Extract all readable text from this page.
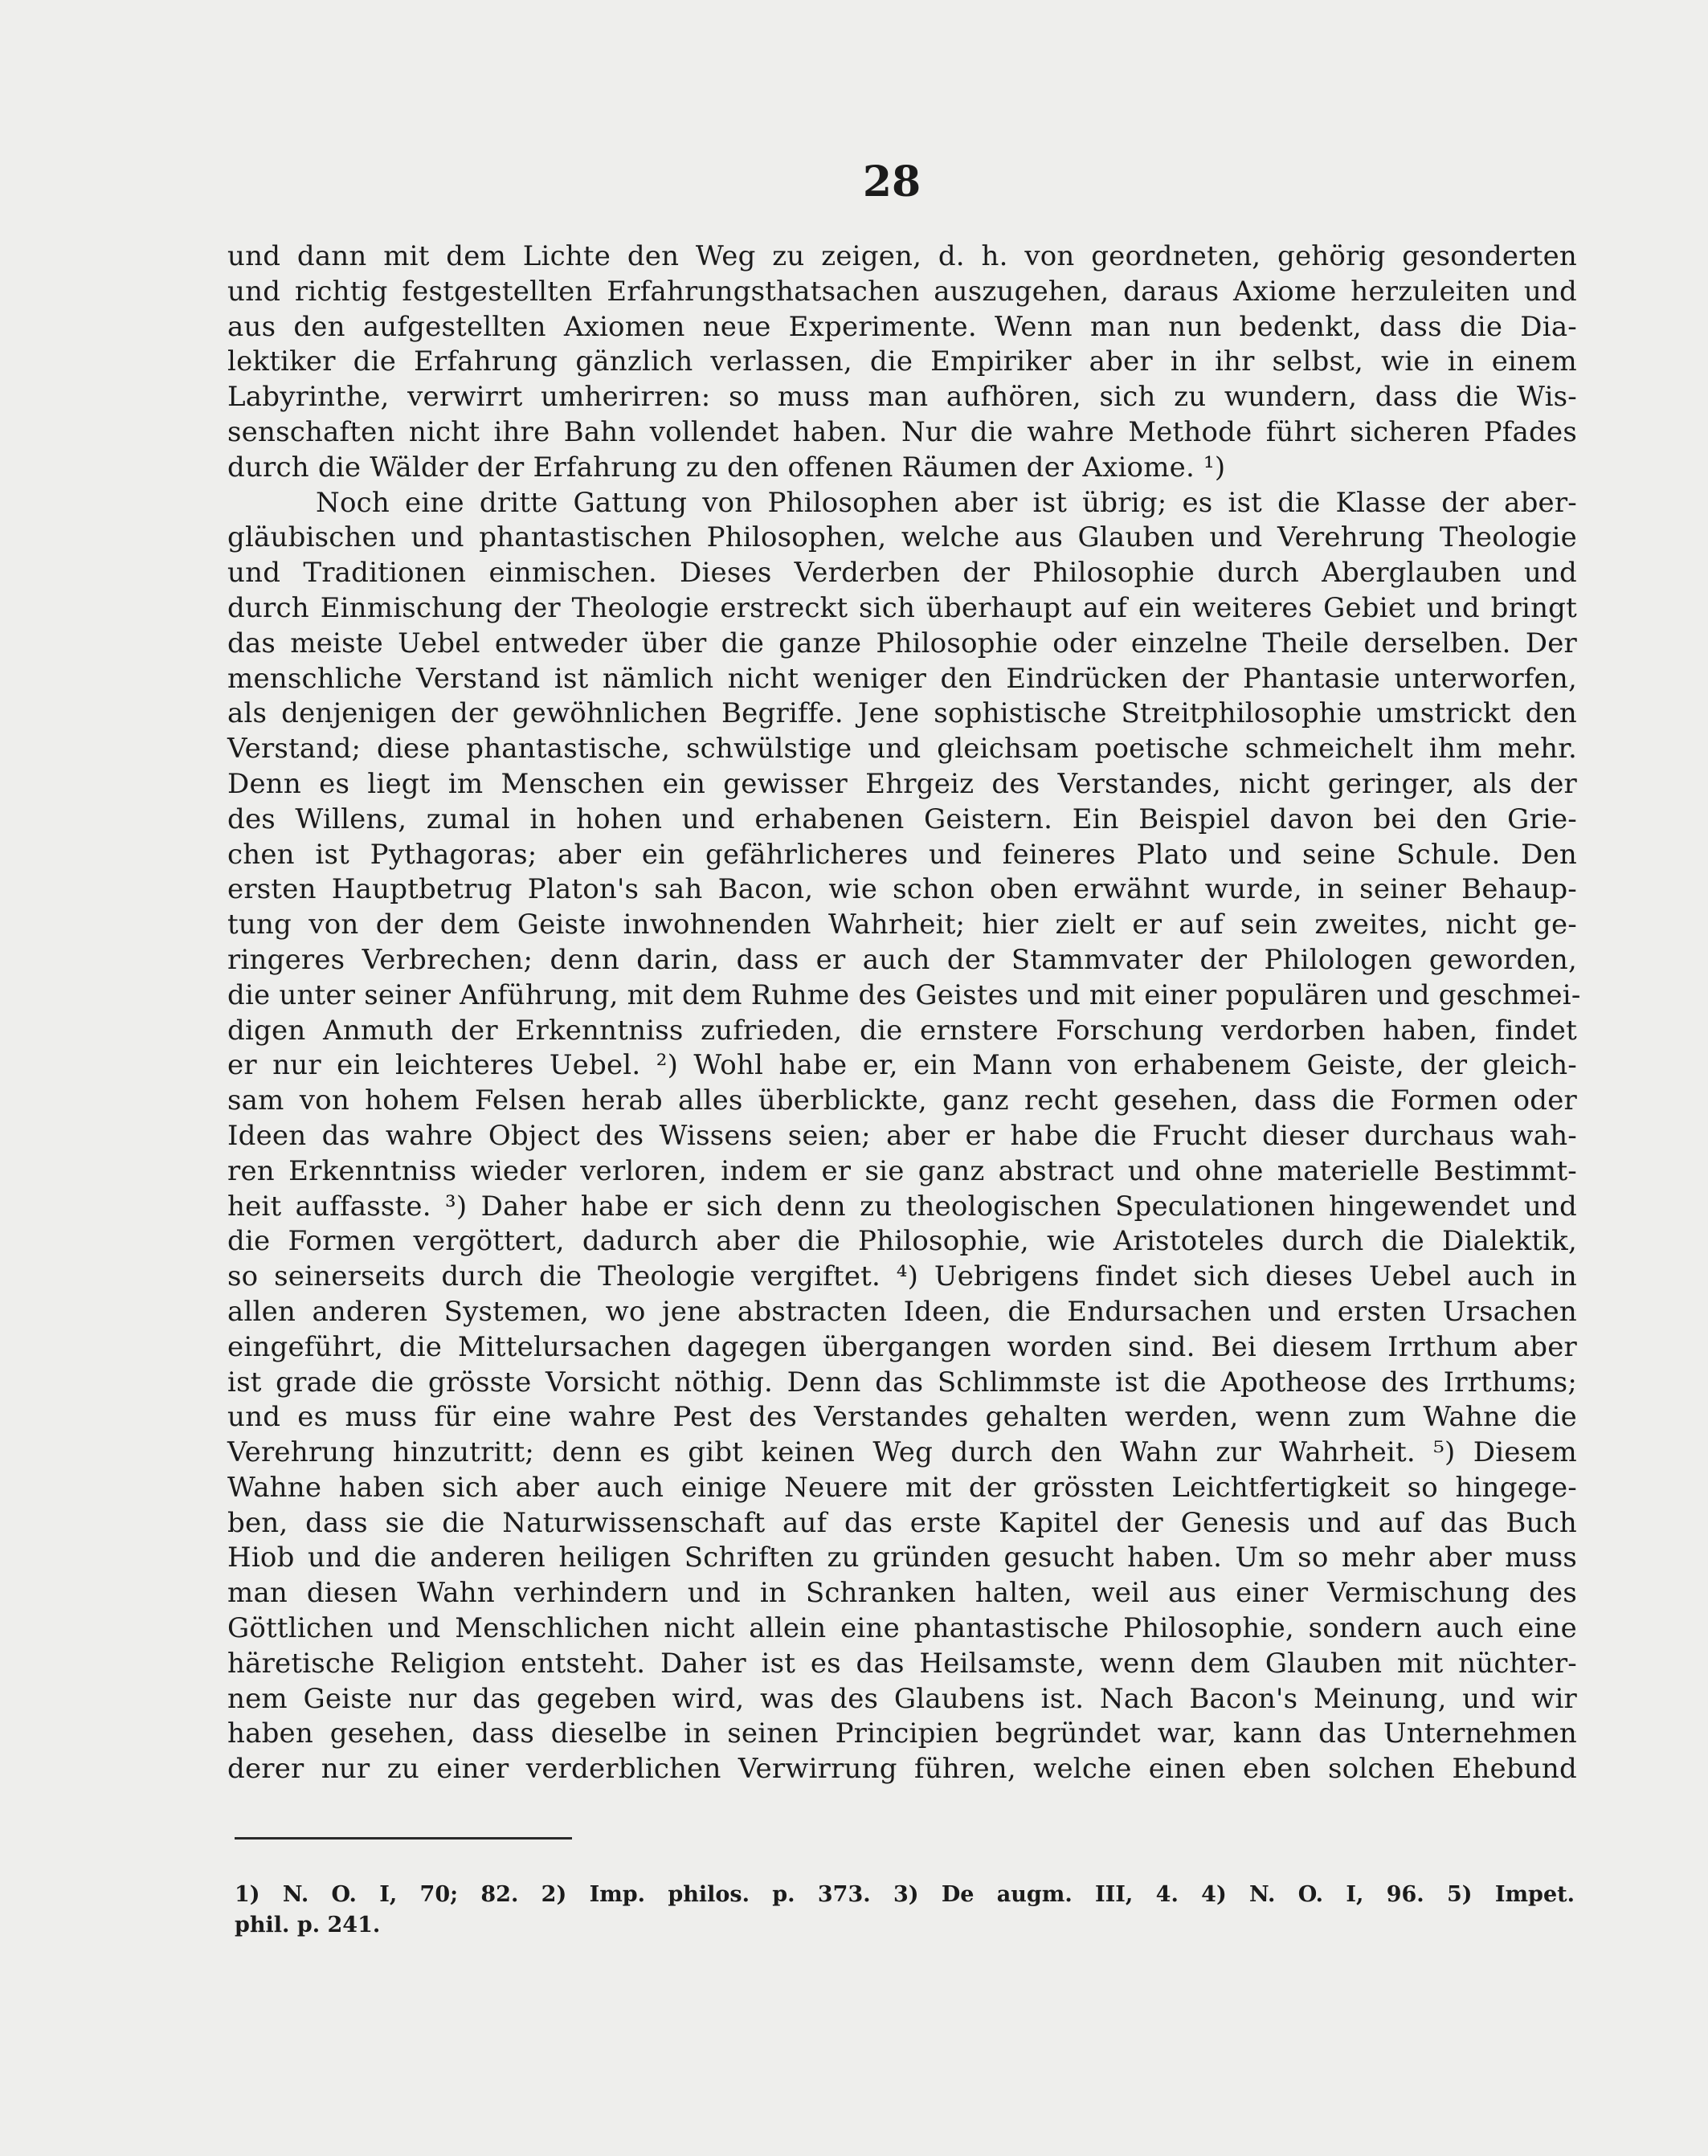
28
und dann mit dem Lichte den Weg zu zeigen, d. h. von geordneten, gehörig gesonderten
und richtig festgestellten Erfahrungsthatsachen auszugehen, daraus Axiome herzuleiten und
aus den aufgestellten Axiomen neue Experimente. Wenn man nun bedenkt, dass die Dia-
lektiker die Erfahrung gänzlich verlassen, die Empiriker aber in ihr selbst, wie in einem
Labyrinthe, verwirrt umherirren: so muss man aufhören, sich zu wundern, dass die Wis-
senschaften nicht ihre Bahn vollendet haben. Nur die wahre Methode führt sicheren Pfades
durch die Wälder der Erfahrung zu den offenen Räumen der Axiome. ¹)
Noch eine dritte Gattung von Philosophen aber ist übrig; es ist die Klasse der aber-
gläubischen und phantastischen Philosophen, welche aus Glauben und Verehrung Theologie
und Traditionen einmischen. Dieses Verderben der Philosophie durch Aberglauben und
durch Einmischung der Theologie erstreckt sich überhaupt auf ein weiteres Gebiet und bringt
das meiste Uebel entweder über die ganze Philosophie oder einzelne Theile derselben. Der
menschliche Verstand ist nämlich nicht weniger den Eindrücken der Phantasie unterworfen,
als denjenigen der gewöhnlichen Begriffe. Jene sophistische Streitphilosophie umstrickt den
Verstand; diese phantastische, schwülstige und gleichsam poetische schmeichelt ihm mehr.
Denn es liegt im Menschen ein gewisser Ehrgeiz des Verstandes, nicht geringer, als der
des Willens, zumal in hohen und erhabenen Geistern. Ein Beispiel davon bei den Grie-
chen ist Pythagoras; aber ein gefährlicheres und feineres Plato und seine Schule. Den
ersten Hauptbetrug Platon's sah Bacon, wie schon oben erwähnt wurde, in seiner Behaup-
tung von der dem Geiste inwohnenden Wahrheit; hier zielt er auf sein zweites, nicht ge-
ringeres Verbrechen; denn darin, dass er auch der Stammvater der Philologen geworden,
die unter seiner Anführung, mit dem Ruhme des Geistes und mit einer populären und geschmei-
digen Anmuth der Erkenntniss zufrieden, die ernstere Forschung verdorben haben, findet
er nur ein leichteres Uebel. ²) Wohl habe er, ein Mann von erhabenem Geiste, der gleich-
sam von hohem Felsen herab alles überblickte, ganz recht gesehen, dass die Formen oder
Ideen das wahre Object des Wissens seien; aber er habe die Frucht dieser durchaus wah-
ren Erkenntniss wieder verloren, indem er sie ganz abstract und ohne materielle Bestimmt-
heit auffasste. ³) Daher habe er sich denn zu theologischen Speculationen hingewendet und
die Formen vergöttert, dadurch aber die Philosophie, wie Aristoteles durch die Dialektik,
so seinerseits durch die Theologie vergiftet. ⁴) Uebrigens findet sich dieses Uebel auch in
allen anderen Systemen, wo jene abstracten Ideen, die Endursachen und ersten Ursachen
eingeführt, die Mittelursachen dagegen übergangen worden sind. Bei diesem Irrthum aber
ist grade die grösste Vorsicht nöthig. Denn das Schlimmste ist die Apotheose des Irrthums;
und es muss für eine wahre Pest des Verstandes gehalten werden, wenn zum Wahne die
Verehrung hinzutritt; denn es gibt keinen Weg durch den Wahn zur Wahrheit. ⁵) Diesem
Wahne haben sich aber auch einige Neuere mit der grössten Leichtfertigkeit so hingege-
ben, dass sie die Naturwissenschaft auf das erste Kapitel der Genesis und auf das Buch
Hiob und die anderen heiligen Schriften zu gründen gesucht haben. Um so mehr aber muss
man diesen Wahn verhindern und in Schranken halten, weil aus einer Vermischung des
Göttlichen und Menschlichen nicht allein eine phantastische Philosophie, sondern auch eine
häretische Religion entsteht. Daher ist es das Heilsamste, wenn dem Glauben mit nüchter-
nem Geiste nur das gegeben wird, was des Glaubens ist. Nach Bacon's Meinung, und wir
haben gesehen, dass dieselbe in seinen Principien begründet war, kann das Unternehmen
derer nur zu einer verderblichen Verwirrung führen, welche einen eben solchen Ehebund
1) N. O. I, 70; 82. 2) Imp. philos. p. 373. 3) De augm. III, 4. 4) N. O. I, 96. 5) Impet.
phil. p. 241.
